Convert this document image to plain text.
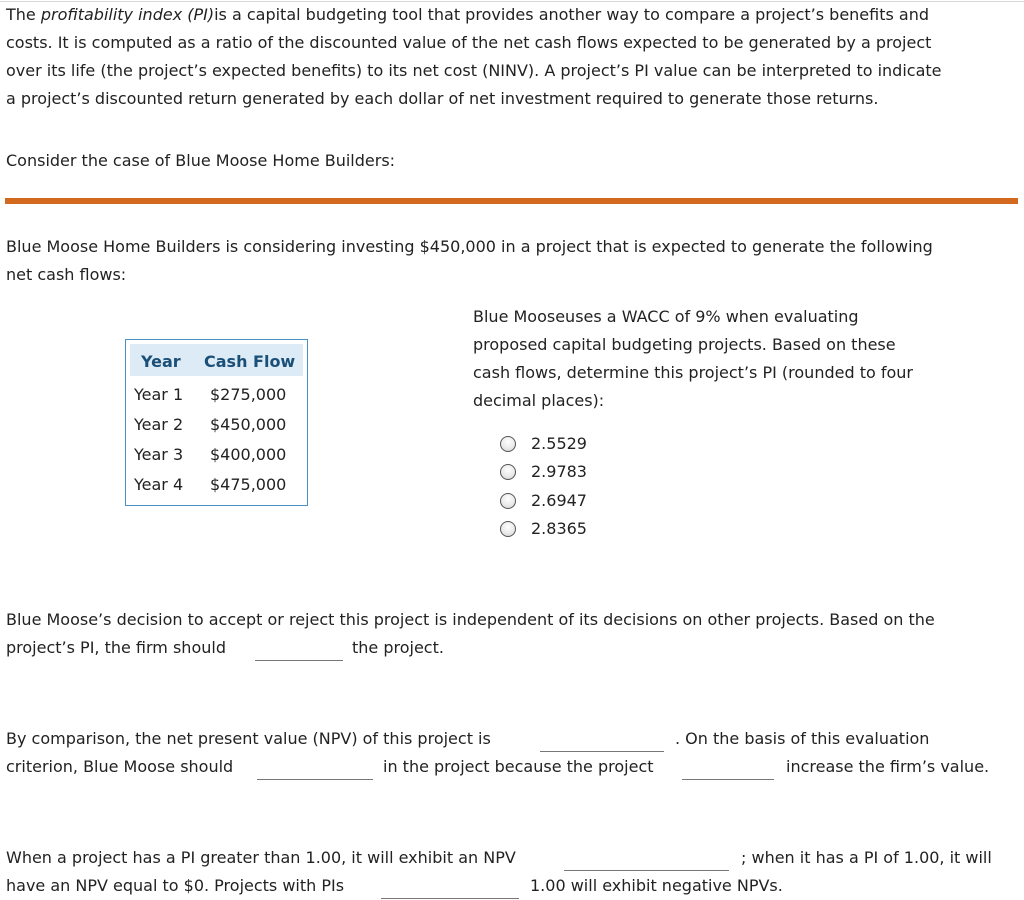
The profitability index (PI)is a capital budgeting tool that provides another way to compare a project’s benefits and

costs. It is computed as a ratio of the discounted value of the net cash flows expected to be generated by a project

over its life (the project’s expected benefits) to its net cost (NINV). A project’s PI value can be interpreted to indicate

a project’s discounted return generated by each dollar of net investment required to generate those returns.

Consider the case of Blue Moose Home Builders:

Blue Moose Home Builders is considering investing $450,000 in a project that is expected to generate the following

net cash flows:

Year Cash Flow
Year 1 $275,000
Year 2 $450,000
Year 3 $400,000
Year 4 $475,000

Blue Mooseuses a WACC of 9% when evaluating

proposed capital budgeting projects. Based on these

cash flows, determine this project’s PI (rounded to four

decimal places):

2.5529
2.9783
2.6947
2.8365
Blue Moose’s decision to accept or reject this project is independent of its decisions on other projects. Based on the
project’s PI, the firm should	the project.
By comparison, the net present value (NPV) of this project is	. On the basis of this evaluation
criterion, Blue Moose should	in the project because the project	increase the firm’s value.
When a project has a PI greater than 1.00, it will exhibit an NPV	; when it has a PI of 1.00, it will
have an NPV equal to $0. Projects with PIs	1.00 will exhibit negative NPVs.
